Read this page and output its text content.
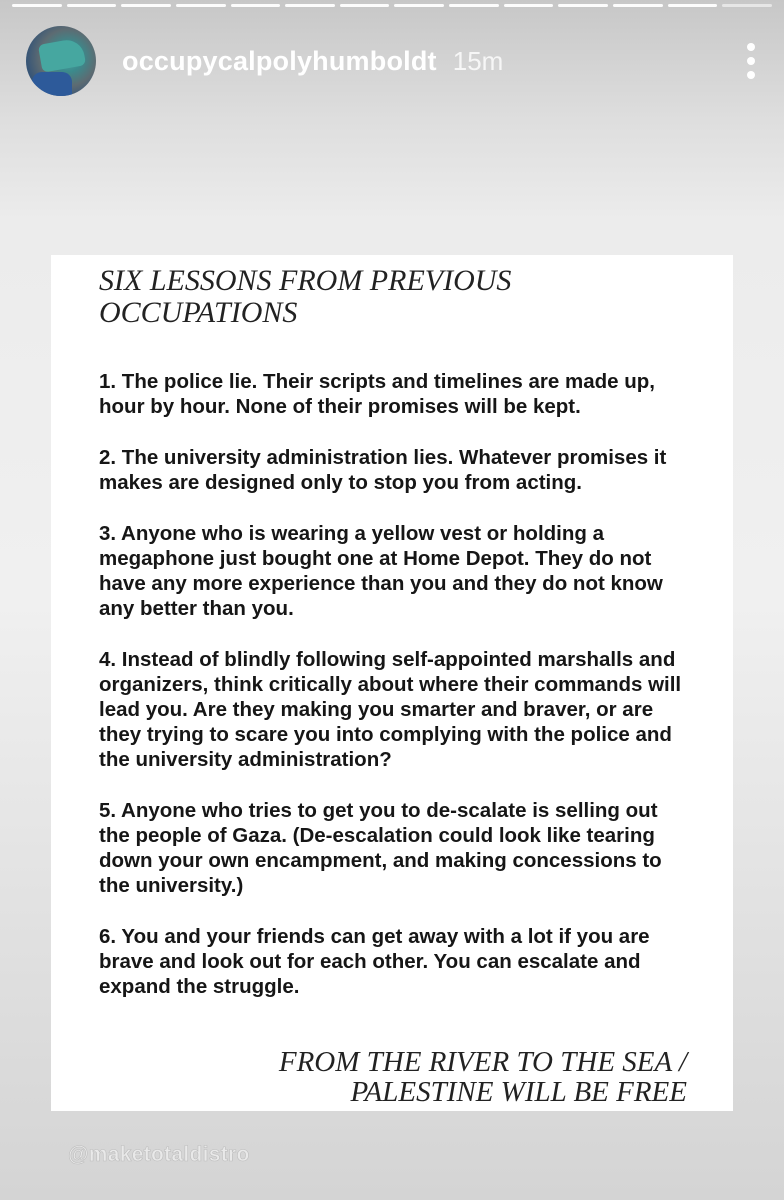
occupycalpolyhumboldt 15m
SIX LESSONS FROM PREVIOUS OCCUPATIONS
1. The police lie. Their scripts and timelines are made up, hour by hour. None of their promises will be kept.
2. The university administration lies. Whatever promises it makes are designed only to stop you from acting.
3. Anyone who is wearing a yellow vest or holding a megaphone just bought one at Home Depot. They do not have any more experience than you and they do not know any better than you.
4. Instead of blindly following self-appointed marshalls and organizers, think critically about where their commands will lead you. Are they making you smarter and braver, or are they trying to scare you into complying with the police and the university administration?
5. Anyone who tries to get you to de-scalate is selling out the people of Gaza. (De-escalation could look like tearing down your own encampment, and making concessions to the university.)
6. You and your friends can get away with a lot if you are brave and look out for each other. You can escalate and expand the struggle.
FROM THE RIVER TO THE SEA /
PALESTINE WILL BE FREE
@maketotaldistro
